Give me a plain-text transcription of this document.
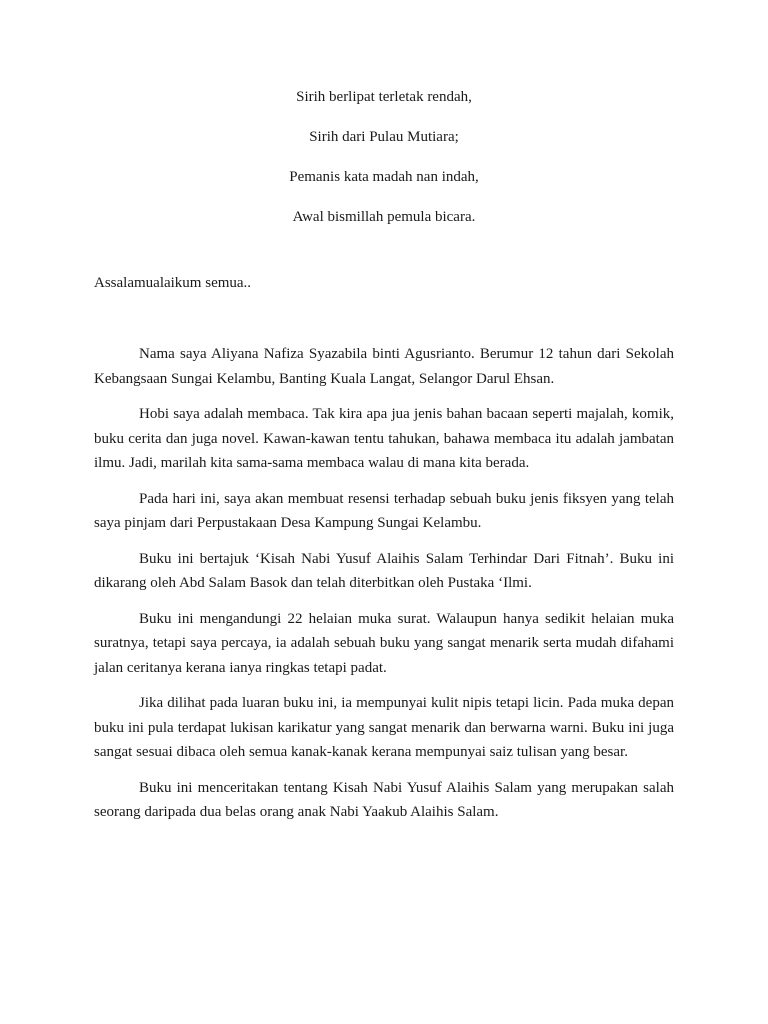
Sirih berlipat terletak rendah,
Sirih dari Pulau Mutiara;
Pemanis kata madah nan indah,
Awal bismillah pemula bicara.
Assalamualaikum semua..

Nama saya Aliyana Nafiza Syazabila binti Agusrianto. Berumur 12 tahun dari Sekolah Kebangsaan Sungai Kelambu, Banting Kuala Langat, Selangor Darul Ehsan.

Hobi saya adalah membaca. Tak kira apa jua jenis bahan bacaan seperti majalah, komik, buku cerita dan juga novel. Kawan-kawan tentu tahukan, bahawa membaca itu adalah jambatan ilmu. Jadi, marilah kita sama-sama membaca walau di mana kita berada.

Pada hari ini, saya akan membuat resensi terhadap sebuah buku jenis fiksyen yang telah saya pinjam dari Perpustakaan Desa Kampung Sungai Kelambu.

Buku ini bertajuk ‘Kisah Nabi Yusuf Alaihis Salam Terhindar Dari Fitnah’. Buku ini dikarang oleh Abd Salam Basok dan telah diterbitkan oleh Pustaka ‘Ilmi.

Buku ini mengandungi 22 helaian muka surat. Walaupun hanya sedikit helaian muka suratnya, tetapi saya percaya, ia adalah sebuah buku yang sangat menarik serta mudah difahami jalan ceritanya kerana ianya ringkas tetapi padat.

Jika dilihat pada luaran buku ini, ia mempunyai kulit nipis tetapi licin. Pada muka depan buku ini pula terdapat lukisan karikatur yang sangat menarik dan berwarna warni. Buku ini juga sangat sesuai dibaca oleh semua kanak-kanak kerana mempunyai saiz tulisan yang besar.

Buku ini menceritakan tentang Kisah Nabi Yusuf Alaihis Salam yang merupakan salah seorang daripada dua belas orang anak Nabi Yaakub Alaihis Salam.
